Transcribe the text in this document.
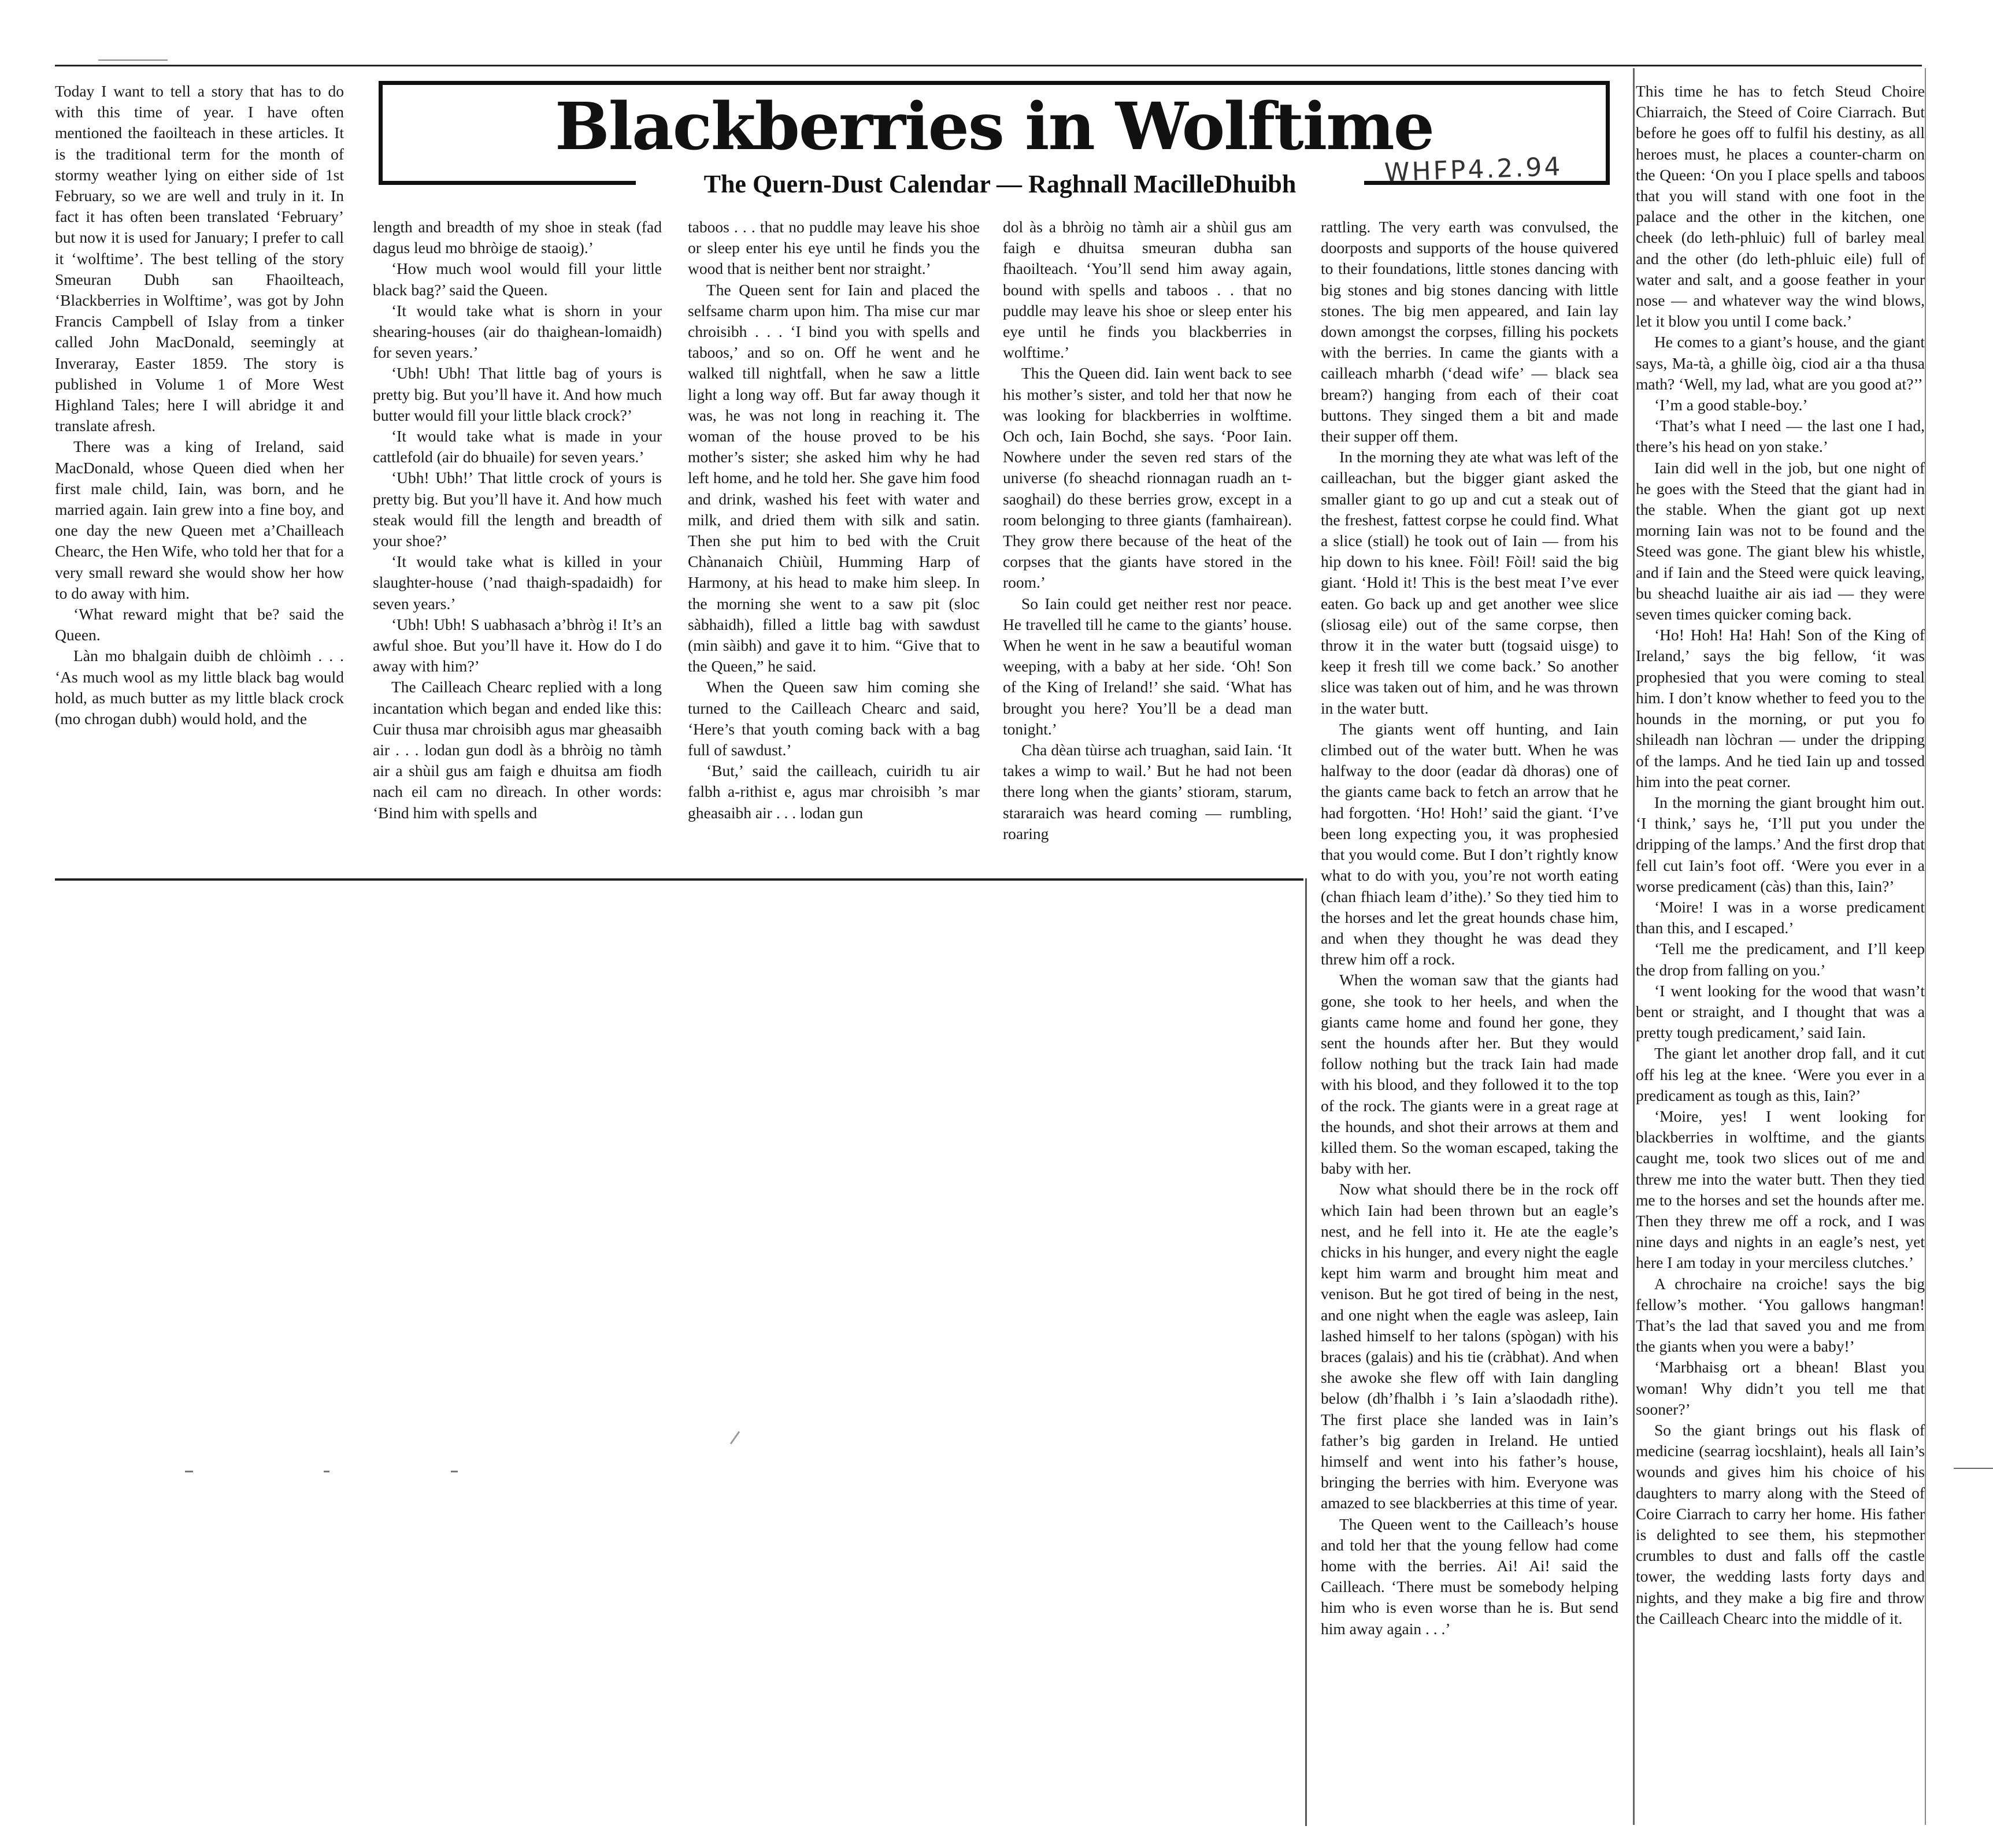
Blackberries in Wolftime
The Quern-Dust Calendar — Raghnall MacilleDhuibh	WHFP4.2.94

Today I want to tell a story that has to do with this time of year. I have often mentioned the faoilteach in these articles. It is the traditional term for the month of stormy weather lying on either side of 1st February, so we are well and truly in it. In fact it has often been translated ‘February’ but now it is used for January; I prefer to call it ‘wolftime’. The best telling of the story Smeuran Dubh san Fhaoilteach, ‘Blackberries in Wolftime’, was got by John Francis Campbell of Islay from a tinker called John MacDonald, seemingly at Inveraray, Easter 1859. The story is published in Volume 1 of More West Highland Tales; here I will abridge it and translate afresh.

There was a king of Ireland, said MacDonald, whose Queen died when her first male child, Iain, was born, and he married again. Iain grew into a fine boy, and one day the new Queen met a’Chailleach Chearc, the Hen Wife, who told her that for a very small reward she would show her how to do away with him.

‘What reward might that be? said the Queen.

Làn mo bhalgain duibh de chlòimh . . . ‘As much wool as my little black bag would hold, as much butter as my little black crock (mo chrogan dubh) would hold, and the

length and breadth of my shoe in steak (fad dagus leud mo bhròige de staoig).’

‘How much wool would fill your little black bag?’ said the Queen.

‘It would take what is shorn in your shearing-houses (air do thaighean-lomaidh) for seven years.’

‘Ubh! Ubh! That little bag of yours is pretty big. But you’ll have it. And how much butter would fill your little black crock?’

‘It would take what is made in your cattlefold (air do bhuaile) for seven years.’

‘Ubh! Ubh!’ That little crock of yours is pretty big. But you’ll have it. And how much steak would fill the length and breadth of your shoe?’

‘It would take what is killed in your slaughter-house (’nad thaigh-spadaidh) for seven years.’

‘Ubh! Ubh! S uabhasach a’bhròg i! It’s an awful shoe. But you’ll have it. How do I do away with him?’

The Cailleach Chearc replied with a long incantation which began and ended like this: Cuir thusa mar chroisibh agus mar gheasaibh air . . . lodan gun dodl às a bhròig no tàmh air a shùil gus am faigh e dhuitsa am fiodh nach eil cam no dìreach. In other words: ‘Bind him with spells and

taboos . . . that no puddle may leave his shoe or sleep enter his eye until he finds you the wood that is neither bent nor straight.’

The Queen sent for Iain and placed the selfsame charm upon him. Tha mise cur mar chroisibh . . . ‘I bind you with spells and taboos,’ and so on. Off he went and he walked till nightfall, when he saw a little light a long way off. But far away though it was, he was not long in reaching it. The woman of the house proved to be his mother’s sister; she asked him why he had left home, and he told her. She gave him food and drink, washed his feet with water and milk, and dried them with silk and satin. Then she put him to bed with the Cruit Chànanaich Chiùil, Humming Harp of Harmony, at his head to make him sleep. In the morning she went to a saw pit (sloc sàbhaidh), filled a little bag with sawdust (min sàibh) and gave it to him. “Give that to the Queen,” he said.

When the Queen saw him coming she turned to the Cailleach Chearc and said, ‘Here’s that youth coming back with a bag full of sawdust.’

‘But,’ said the cailleach, cuiridh tu air falbh a-rithist e, agus mar chroisibh ’s mar gheasaibh air . . . lodan gun

dol às a bhròig no tàmh air a shùil gus am faigh e dhuitsa smeuran dubha san fhaoilteach. ‘You’ll send him away again, bound with spells and taboos . . that no puddle may leave his shoe or sleep enter his eye until he finds you blackberries in wolftime.’

This the Queen did. Iain went back to see his mother’s sister, and told her that now he was looking for blackberries in wolftime. Och och, Iain Bochd, she says. ‘Poor Iain. Nowhere under the seven red stars of the universe (fo sheachd rionnagan ruadh an t-saoghail) do these berries grow, except in a room belonging to three giants (famhairean). They grow there because of the heat of the corpses that the giants have stored in the room.’

So Iain could get neither rest nor peace. He travelled till he came to the giants’ house. When he went in he saw a beautiful woman weeping, with a baby at her side. ‘Oh! Son of the King of Ireland!’ she said. ‘What has brought you here? You’ll be a dead man tonight.’

Cha dèan tùirse ach truaghan, said Iain. ‘It takes a wimp to wail.’ But he had not been there long when the giants’ stioram, starum, stararaich was heard coming — rumbling, roaring

rattling. The very earth was convulsed, the doorposts and supports of the house quivered to their foundations, little stones dancing with big stones and big stones dancing with little stones. The big men appeared, and Iain lay down amongst the corpses, filling his pockets with the berries. In came the giants with a cailleach mharbh (‘dead wife’ — black sea bream?) hanging from each of their coat buttons. They singed them a bit and made their supper off them.

In the morning they ate what was left of the cailleachan, but the bigger giant asked the smaller giant to go up and cut a steak out of the freshest, fattest corpse he could find. What a slice (stiall) he took out of Iain — from his hip down to his knee. Fòil! Fòil! said the big giant. ‘Hold it! This is the best meat I’ve ever eaten. Go back up and get another wee slice (sliosag eile) out of the same corpse, then throw it in the water butt (togsaid uisge) to keep it fresh till we come back.’ So another slice was taken out of him, and he was thrown in the water butt.

The giants went off hunting, and Iain climbed out of the water butt. When he was halfway to the door (eadar dà dhoras) one of the giants came back to fetch an arrow that he had forgotten. ‘Ho! Hoh!’ said the giant. ‘I’ve been long expecting you, it was prophesied that you would come. But I don’t rightly know what to do with you, you’re not worth eating (chan fhiach leam d’ithe).’ So they tied him to the horses and let the great hounds chase him, and when they thought he was dead they threw him off a rock.

When the woman saw that the giants had gone, she took to her heels, and when the giants came home and found her gone, they sent the hounds after her. But they would follow nothing but the track Iain had made with his blood, and they followed it to the top of the rock. The giants were in a great rage at the hounds, and shot their arrows at them and killed them. So the woman escaped, taking the baby with her.

Now what should there be in the rock off which Iain had been thrown but an eagle’s nest, and he fell into it. He ate the eagle’s chicks in his hunger, and every night the eagle kept him warm and brought him meat and venison. But he got tired of being in the nest, and one night when the eagle was asleep, Iain lashed himself to her talons (spògan) with his braces (galais) and his tie (cràbhat). And when she awoke she flew off with Iain dangling below (dh’fhalbh i ’s Iain a’slaodadh rithe). The first place she landed was in Iain’s father’s big garden in Ireland. He untied himself and went into his father’s house, bringing the berries with him. Everyone was amazed to see blackberries at this time of year.

The Queen went to the Cailleach’s house and told her that the young fellow had come home with the berries. Ai! Ai! said the Cailleach. ‘There must be somebody helping him who is even worse than he is. But send him away again . . .’

This time he has to fetch Steud Choire Chiarraich, the Steed of Coire Ciarrach. But before he goes off to fulfil his destiny, as all heroes must, he places a counter-charm on the Queen: ‘On you I place spells and taboos that you will stand with one foot in the palace and the other in the kitchen, one cheek (do leth-phluic) full of barley meal and the other (do leth-phluic eile) full of water and salt, and a goose feather in your nose — and whatever way the wind blows, let it blow you until I come back.’

He comes to a giant’s house, and the giant says, Ma-tà, a ghille òig, ciod air a tha thusa math? ‘Well, my lad, what are you good at?’’

‘I’m a good stable-boy.’

‘That’s what I need — the last one I had, there’s his head on yon stake.’

Iain did well in the job, but one night of he goes with the Steed that the giant had in the stable. When the giant got up next morning Iain was not to be found and the Steed was gone. The giant blew his whistle, and if Iain and the Steed were quick leaving, bu sheachd luaithe air ais iad — they were seven times quicker coming back.

‘Ho! Hoh! Ha! Hah! Son of the King of Ireland,’ says the big fellow, ‘it was prophesied that you were coming to steal him. I don’t know whether to feed you to the hounds in the morning, or put you fo shileadh nan lòchran — under the dripping of the lamps. And he tied Iain up and tossed him into the peat corner.

In the morning the giant brought him out. ‘I think,’ says he, ‘I’ll put you under the dripping of the lamps.’ And the first drop that fell cut Iain’s foot off. ‘Were you ever in a worse predicament (càs) than this, Iain?’

‘Moire! I was in a worse predicament than this, and I escaped.’

‘Tell me the predicament, and I’ll keep the drop from falling on you.’

‘I went looking for the wood that wasn’t bent or straight, and I thought that was a pretty tough predicament,’ said Iain.

The giant let another drop fall, and it cut off his leg at the knee. ‘Were you ever in a predicament as tough as this, Iain?’

‘Moire, yes! I went looking for blackberries in wolftime, and the giants caught me, took two slices out of me and threw me into the water butt. Then they tied me to the horses and set the hounds after me. Then they threw me off a rock, and I was nine days and nights in an eagle’s nest, yet here I am today in your merciless clutches.’

A chrochaire na croiche! says the big fellow’s mother. ‘You gallows hangman! That’s the lad that saved you and me from the giants when you were a baby!’

‘Marbhaisg ort a bhean! Blast you woman! Why didn’t you tell me that sooner?’

So the giant brings out his flask of medicine (searrag ìocshlaint), heals all Iain’s wounds and gives him his choice of his daughters to marry along with the Steed of Coire Ciarrach to carry her home. His father is delighted to see them, his stepmother crumbles to dust and falls off the castle tower, the wedding lasts forty days and nights, and they make a big fire and throw the Cailleach Chearc into the middle of it.
